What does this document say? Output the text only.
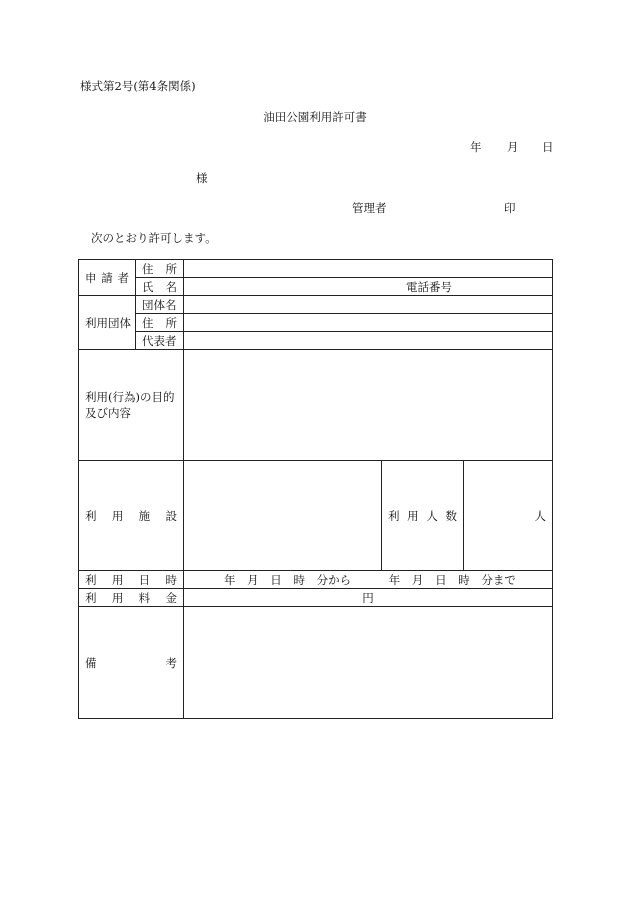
様式第2号(第4条関係)
油田公園利用許可書
年 月 日
様
管理者	印
次のとおり許可します。
申 請 者	住 所			

	氏 名	電話番号		

利用団体	団体名			

	住 所			

	代表者			

利用(行為)の目的
及び内容				

利 用 施 設			利 用 人 数	人

利 用 日 時		年 月 日 時 分から 年 月 日 時 分まで		

利 用 料 金		円		

備 考				
